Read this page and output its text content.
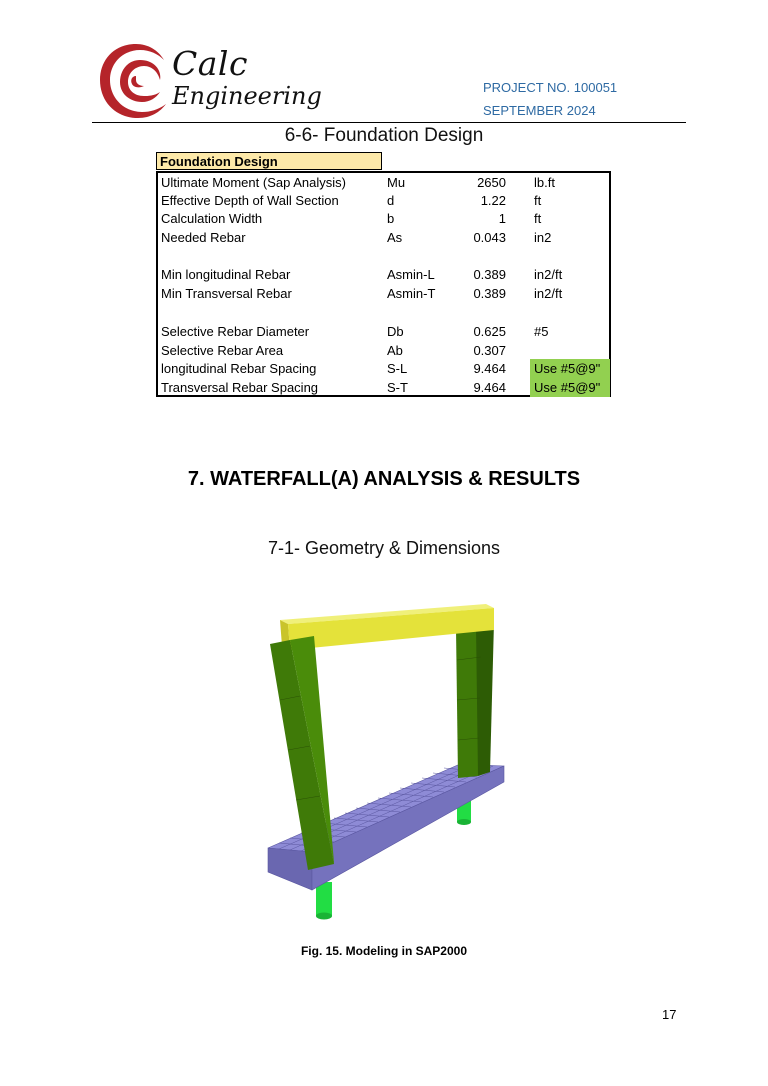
Calc
Engineering	PROJECT NO. 100051
SEPTEMBER 2024
6-6- Foundation Design
Foundation Design
Ultimate Moment (Sap Analysis)	Mu	2650	lb.ft
Effective Depth of Wall Section	d	1.22	ft
Calculation Width	b	1	ft
Needed Rebar	As	0.043	in2
Min longitudinal Rebar	Asmin-L	0.389	in2/ft
Min Transversal Rebar	Asmin-T	0.389	in2/ft
Selective Rebar Diameter	Db	0.625	#5
Selective Rebar Area	Ab	0.307
longitudinal Rebar Spacing	S-L	9.464	Use #5@9"
Transversal Rebar Spacing	S-T	9.464	Use #5@9"
7. WATERFALL(A) ANALYSIS & RESULTS
7-1- Geometry & Dimensions
Fig. 15. Modeling in SAP2000
17
